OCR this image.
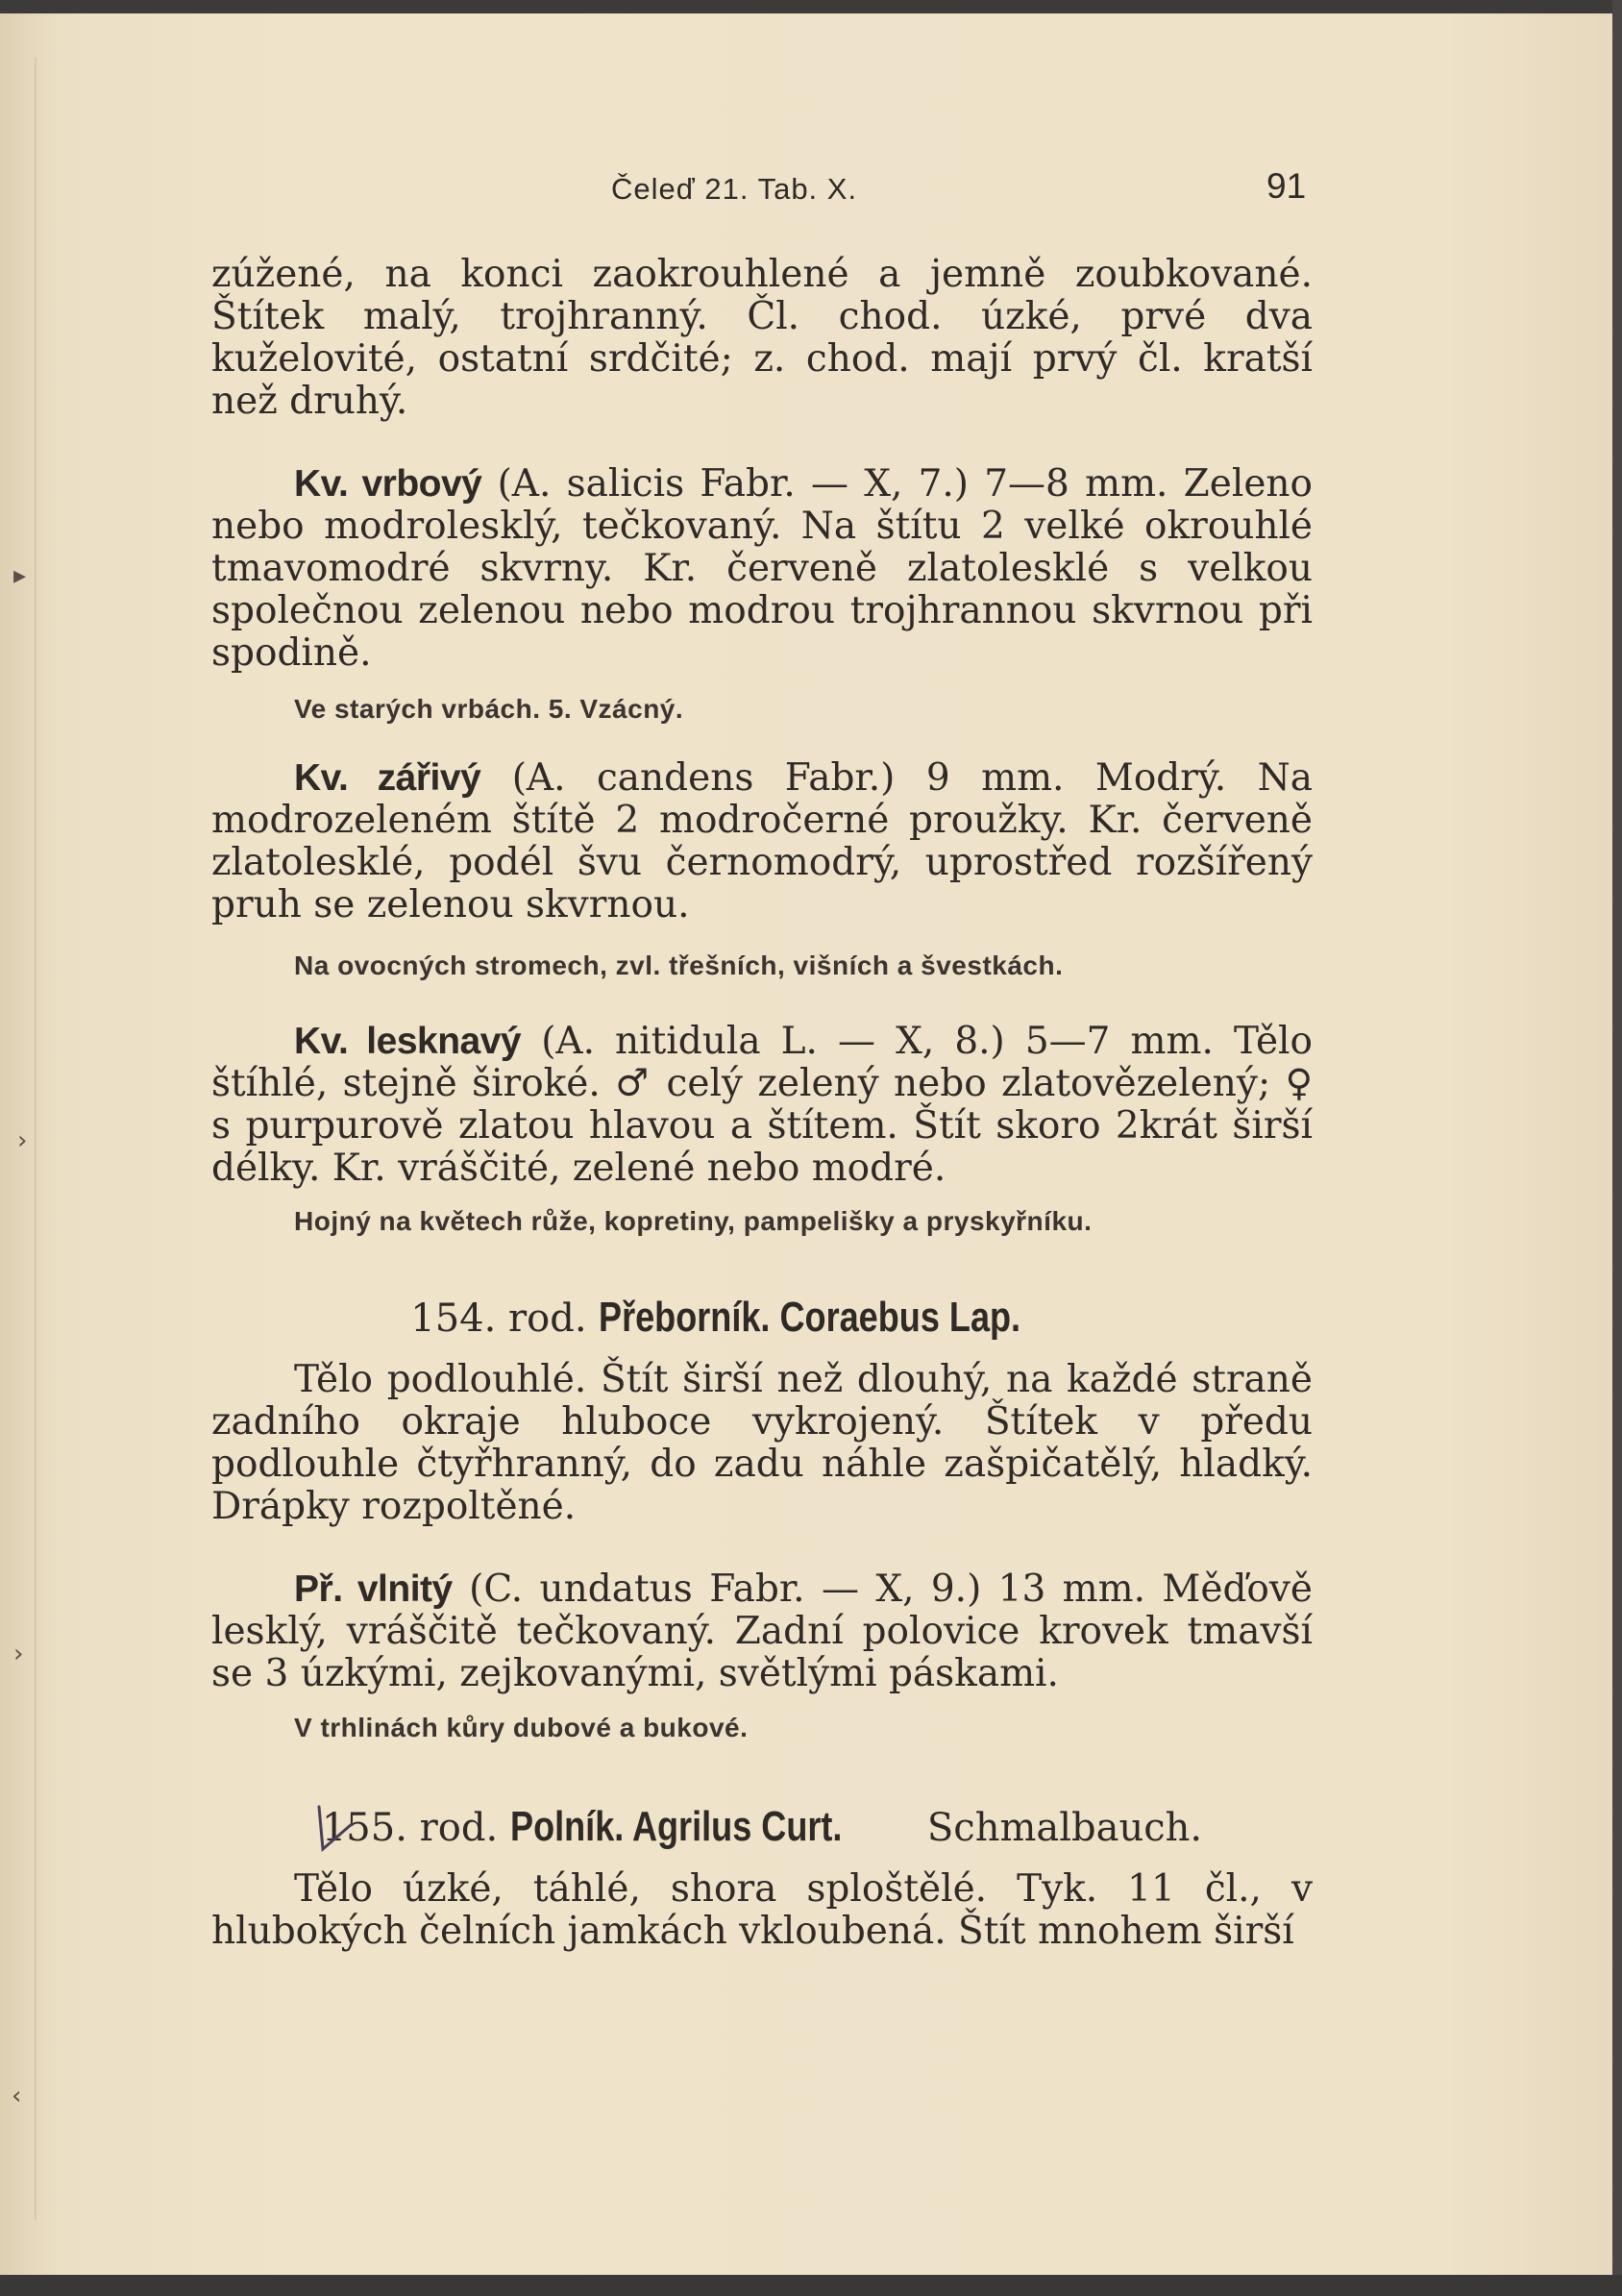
▸
›
›
‹
Čeleď 21. Tab. X.	91

zúžené, na konci zaokrouhlené a jemně zoubkované. Štítek malý, trojhranný. Čl. chod. úzké, prvé dva kuželovité, ostatní srdčité; z. chod. mají prvý čl. kratší než druhý.

Kv. vrbový (A. salicis Fabr. — X, 7.) 7—8 mm. Zeleno nebo modrolesklý, tečkovaný. Na štítu 2 velké okrouhlé tmavomodré skvrny. Kr. červeně zlatolesklé s velkou společnou zelenou nebo modrou trojhrannou skvrnou při spodině.

Ve starých vrbách. 5. Vzácný.

Kv. zářivý (A. candens Fabr.) 9 mm. Modrý. Na modrozeleném štítě 2 modročerné proužky. Kr. červeně zlatolesklé, podél švu černomodrý, uprostřed rozšířený pruh se zelenou skvrnou.

Na ovocných stromech, zvl. třešních, višních a švestkách.

Kv. lesknavý (A. nitidula L. — X, 8.) 5—7 mm. Tělo štíhlé, stejně široké. ♂ celý zelený nebo zlatovězelený; ♀ s purpurově zlatou hlavou a štítem. Štít skoro 2krát širší délky. Kr. vráščité, zelené nebo modré.

Hojný na květech růže, kopretiny, pampelišky a pryskyřníku.

154. rod. Přeborník. Coraebus Lap.

Tělo podlouhlé. Štít širší než dlouhý, na každé straně zadního okraje hluboce vykrojený. Štítek v předu podlouhle čtyřhranný, do zadu náhle zašpičatělý, hladký. Drápky rozpoltěné.

Př. vlnitý (C. undatus Fabr. — X, 9.) 13 mm. Měďově lesklý, vráščitě tečkovaný. Zadní polovice krovek tmavší se 3 úzkými, zejkovanými, světlými páskami.

V trhlinách kůry dubové a bukové.

155. rod. Polník. Agrilus Curt. Schmalbauch.

Tělo úzké, táhlé, shora sploštělé. Tyk. 11 čl., v hlubokých čelních jamkách vkloubená. Štít mnohem širší
